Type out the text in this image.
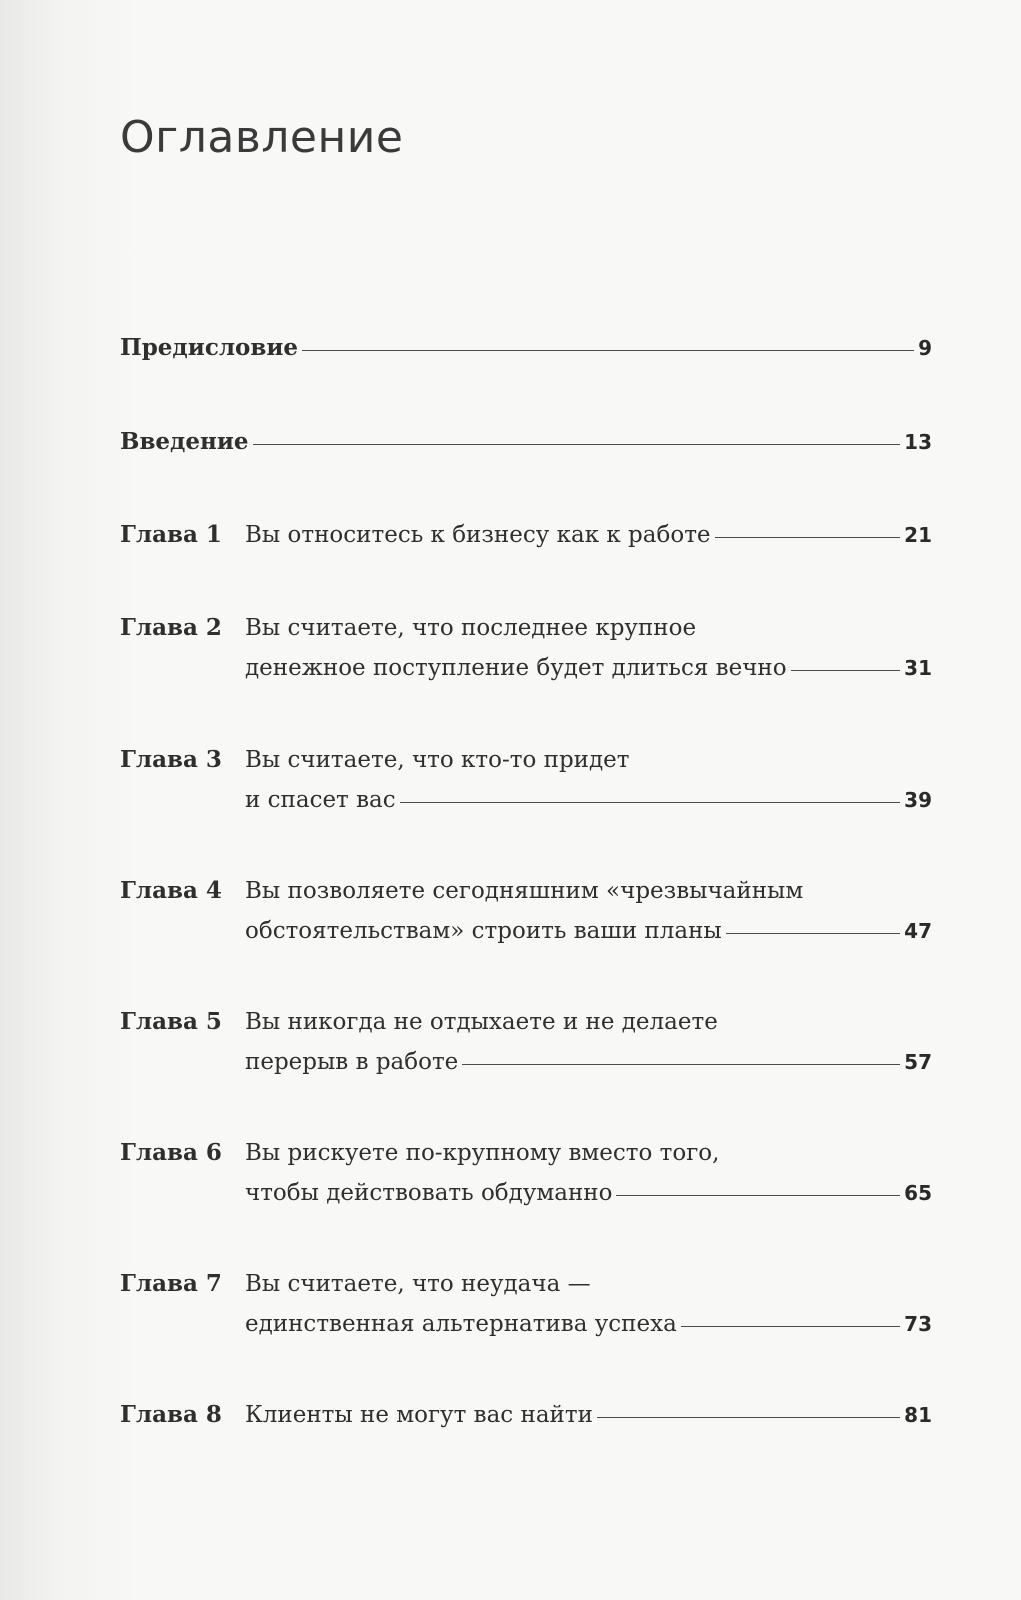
Оглавление
Предисловие	9
Введение	13
Глава 1 Вы относитесь к бизнесу как к работе	21
Глава 2 Вы считаете, что последнее крупное
денежное поступление будет длиться вечно	31
Глава 3 Вы считаете, что кто-то придет
и спасет вас	39
Глава 4 Вы позволяете сегодняшним «чрезвычайным
обстоятельствам» строить ваши планы	47
Глава 5 Вы никогда не отдыхаете и не делаете
перерыв в работе	57
Глава 6 Вы рискуете по-крупному вместо того,
чтобы действовать обдуманно	65
Глава 7 Вы считаете, что неудача —
единственная альтернатива успеха	73
Глава 8 Клиенты не могут вас найти	81
